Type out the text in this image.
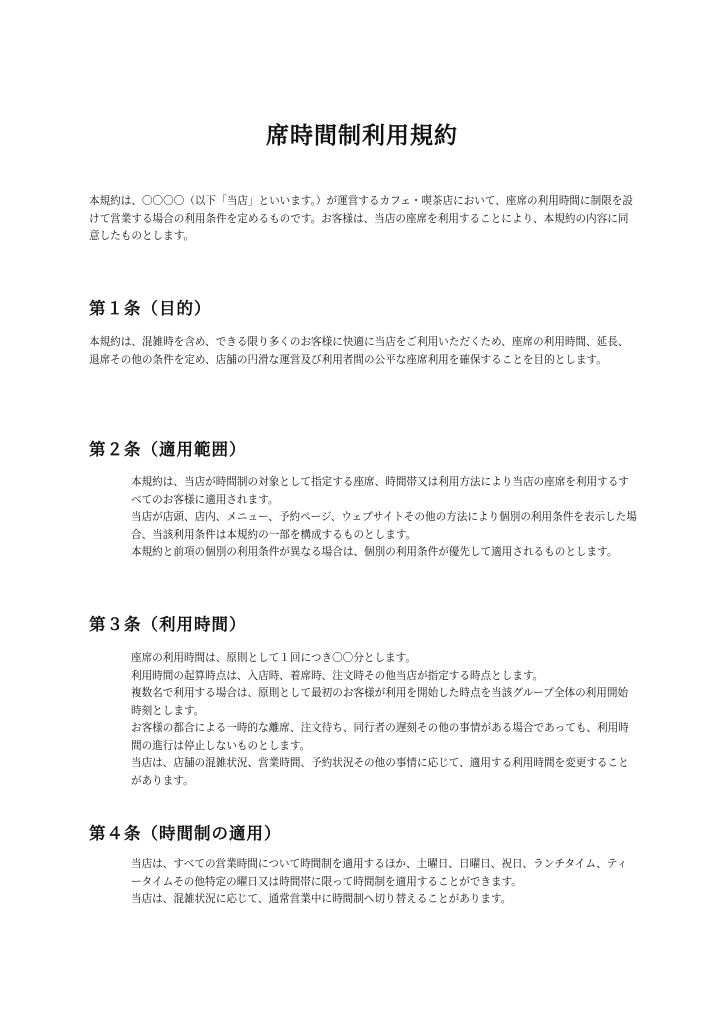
席時間制利用規約

本規約は、〇〇〇〇（以下「当店」といいます。）が運営するカフェ・喫茶店において、座席の利用時間に制限を設けて営業する場合の利用条件を定めるものです。お客様は、当店の座席を利用することにより、本規約の内容に同意したものとします。

第１条（目的）

本規約は、混雑時を含め、できる限り多くのお客様に快適に当店をご利用いただくため、座席の利用時間、延長、退席その他の条件を定め、店舗の円滑な運営及び利用者間の公平な座席利用を確保することを目的とします。

第２条（適用範囲）

本規約は、当店が時間制の対象として指定する座席、時間帯又は利用方法により当店の座席を利用するすべてのお客様に適用されます。

当店が店頭、店内、メニュー、予約ページ、ウェブサイトその他の方法により個別の利用条件を表示した場合、当該利用条件は本規約の一部を構成するものとします。

本規約と前項の個別の利用条件が異なる場合は、個別の利用条件が優先して適用されるものとします。

第３条（利用時間）

座席の利用時間は、原則として１回につき〇〇分とします。

利用時間の起算時点は、入店時、着席時、注文時その他当店が指定する時点とします。

複数名で利用する場合は、原則として最初のお客様が利用を開始した時点を当該グループ全体の利用開始時刻とします。

お客様の都合による一時的な離席、注文待ち、同行者の遅刻その他の事情がある場合であっても、利用時間の進行は停止しないものとします。

当店は、店舗の混雑状況、営業時間、予約状況その他の事情に応じて、適用する利用時間を変更することがあります。

第４条（時間制の適用）

当店は、すべての営業時間について時間制を適用するほか、土曜日、日曜日、祝日、ランチタイム、ティータイムその他特定の曜日又は時間帯に限って時間制を適用することができます。

当店は、混雑状況に応じて、通常営業中に時間制へ切り替えることがあります。
